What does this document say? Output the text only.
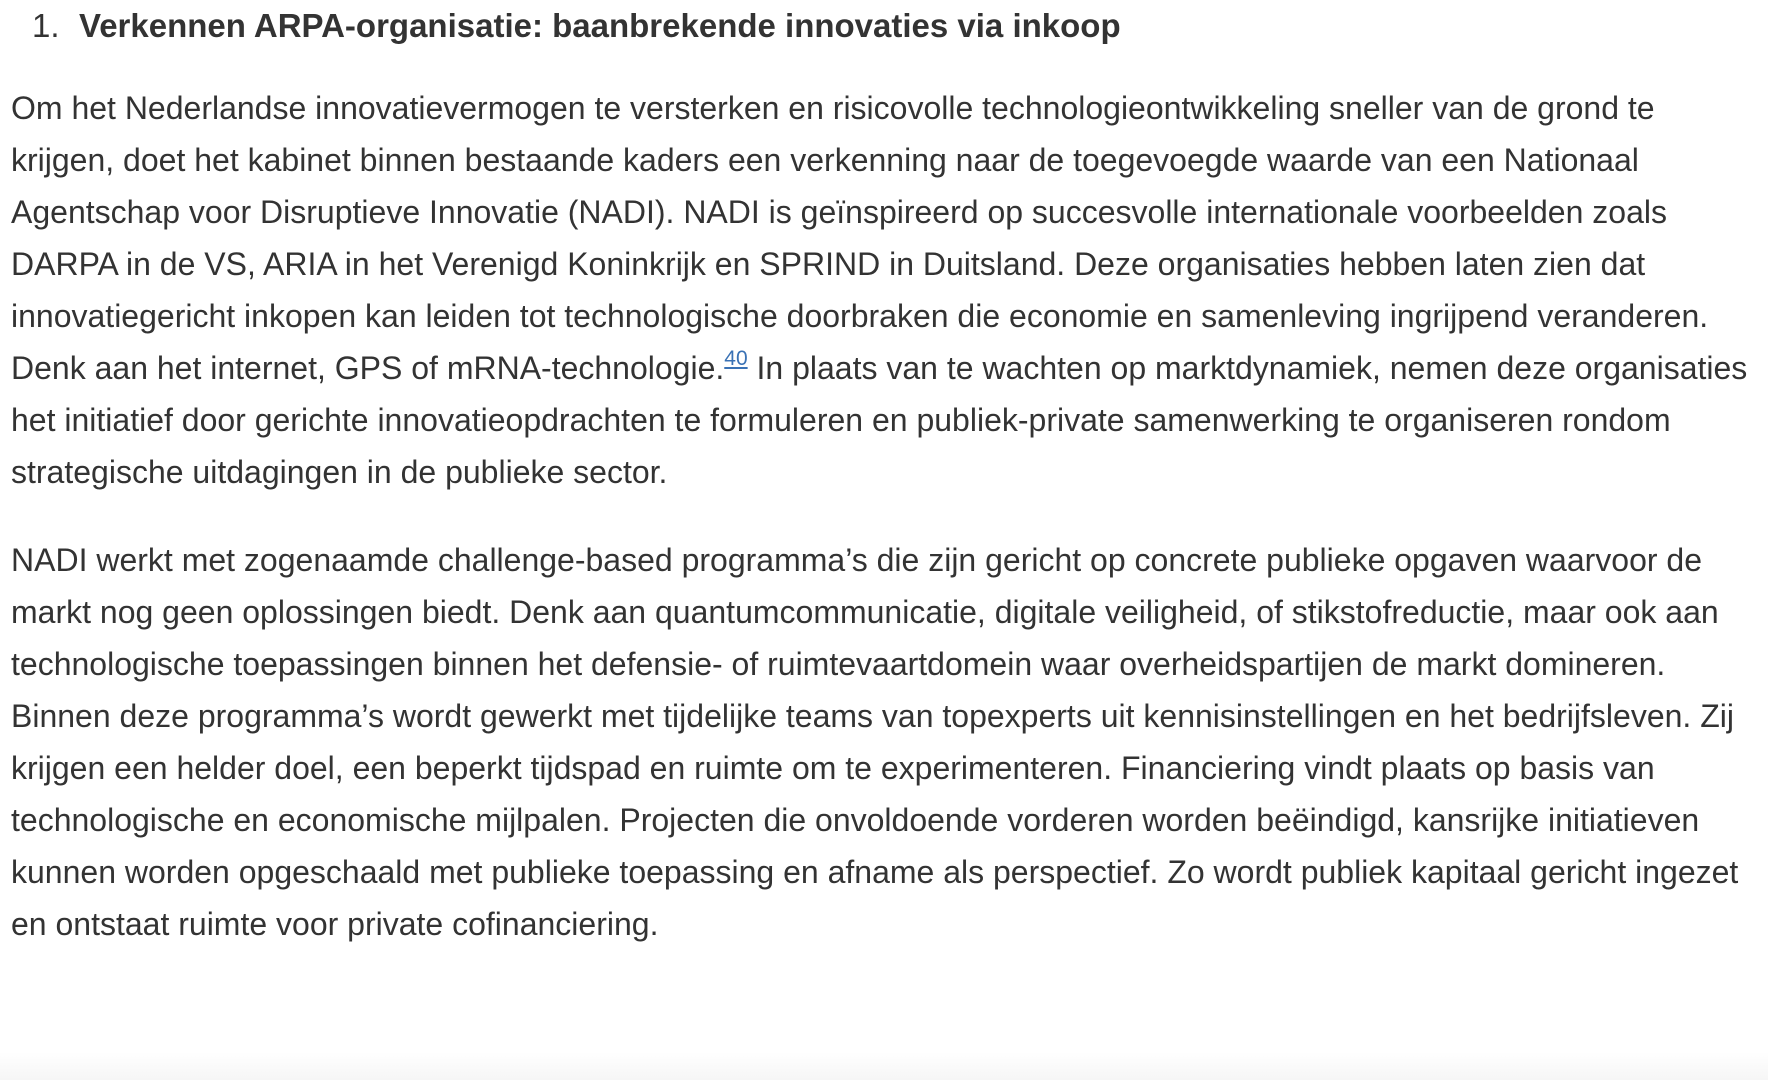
1. Verkennen ARPA-organisatie: baanbrekende innovaties via inkoop

Om het Nederlandse innovatievermogen te versterken en risicovolle technologieontwikkeling sneller van de grond te krijgen, doet het kabinet binnen bestaande kaders een verkenning naar de toegevoegde waarde van een Nationaal Agentschap voor Disruptieve Innovatie (NADI). NADI is geïnspireerd op succesvolle internationale voorbeelden zoals DARPA in de VS, ARIA in het Verenigd Koninkrijk en SPRIND in Duitsland. Deze organisaties hebben laten zien dat innovatiegericht inkopen kan leiden tot technologische doorbraken die economie en samenleving ingrijpend veranderen. Denk aan het internet, GPS of mRNA-technologie.$^{40}$ In plaats van te wachten op marktdynamiek, nemen deze organisaties het initiatief door gerichte innovatieopdrachten te formuleren en publiek-private samenwerking te organiseren rondom strategische uitdagingen in de publieke sector.

NADI werkt met zogenaamde challenge-based programma’s die zijn gericht op concrete publieke opgaven waarvoor de markt nog geen oplossingen biedt. Denk aan quantumcommunicatie, digitale veiligheid, of stikstofreductie, maar ook aan technologische toepassingen binnen het defensie- of ruimtevaartdomein waar overheidspartijen de markt domineren. Binnen deze programma’s wordt gewerkt met tijdelijke teams van topexperts uit kennisinstellingen en het bedrijfsleven. Zij krijgen een helder doel, een beperkt tijdspad en ruimte om te experimenteren. Financiering vindt plaats op basis van technologische en economische mijlpalen. Projecten die onvoldoende vorderen worden beëindigd, kansrijke initiatieven kunnen worden opgeschaald met publieke toepassing en afname als perspectief. Zo wordt publiek kapitaal gericht ingezet en ontstaat ruimte voor private cofinanciering.
